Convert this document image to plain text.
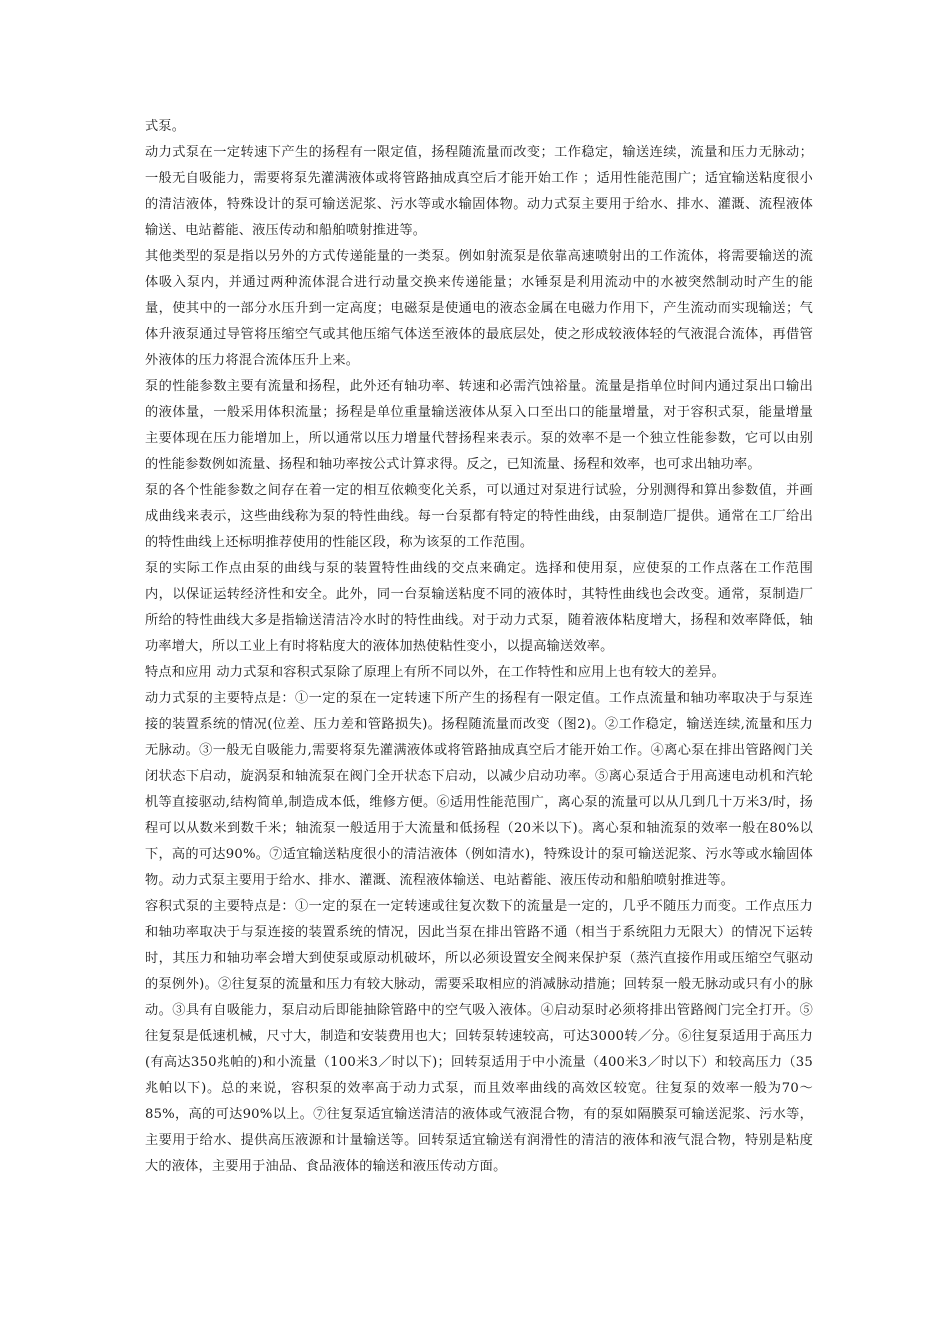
式泵。

动力式泵在一定转速下产生的扬程有一限定值，扬程随流量而改变；工作稳定，输送连续，流量和压力无脉动；一般无自吸能力，需要将泵先灌满液体或将管路抽成真空后才能开始工作 ；适用性能范围广；适宜输送粘度很小的清洁液体，特殊设计的泵可输送泥浆、污水等或水输固体物。动力式泵主要用于给水、排水、灌溉、流程液体输送、电站蓄能、液压传动和船舶喷射推进等。

其他类型的泵是指以另外的方式传递能量的一类泵。例如射流泵是依靠高速喷射出的工作流体，将需要输送的流体吸入泵内，并通过两种流体混合进行动量交换来传递能量；水锤泵是利用流动中的水被突然制动时产生的能量，使其中的一部分水压升到一定高度；电磁泵是使通电的液态金属在电磁力作用下，产生流动而实现输送；气体升液泵通过导管将压缩空气或其他压缩气体送至液体的最底层处，使之形成较液体轻的气液混合流体，再借管外液体的压力将混合流体压升上来。

泵的性能参数主要有流量和扬程，此外还有轴功率、转速和必需汽蚀裕量。流量是指单位时间内通过泵出口输出的液体量，一般采用体积流量；扬程是单位重量输送液体从泵入口至出口的能量增量，对于容积式泵，能量增量主要体现在压力能增加上，所以通常以压力增量代替扬程来表示。泵的效率不是一个独立性能参数，它可以由别的性能参数例如流量、扬程和轴功率按公式计算求得。反之，已知流量、扬程和效率，也可求出轴功率。

泵的各个性能参数之间存在着一定的相互依赖变化关系，可以通过对泵进行试验，分别测得和算出参数值，并画成曲线来表示，这些曲线称为泵的特性曲线。每一台泵都有特定的特性曲线，由泵制造厂提供。通常在工厂给出的特性曲线上还标明推荐使用的性能区段，称为该泵的工作范围。

泵的实际工作点由泵的曲线与泵的装置特性曲线的交点来确定。选择和使用泵，应使泵的工作点落在工作范围内，以保证运转经济性和安全。此外，同一台泵输送粘度不同的液体时，其特性曲线也会改变。通常，泵制造厂所给的特性曲线大多是指输送清洁冷水时的特性曲线。对于动力式泵，随着液体粘度增大，扬程和效率降低，轴功率增大，所以工业上有时将粘度大的液体加热使粘性变小，以提高输送效率。

特点和应用 动力式泵和容积式泵除了原理上有所不同以外，在工作特性和应用上也有较大的差异。

动力式泵的主要特点是：①一定的泵在一定转速下所产生的扬程有一限定值。工作点流量和轴功率取决于与泵连接的装置系统的情况(位差、压力差和管路损失)。扬程随流量而改变（图2)。②工作稳定，输送连续,流量和压力无脉动。③一般无自吸能力,需要将泵先灌满液体或将管路抽成真空后才能开始工作。④离心泵在排出管路阀门关闭状态下启动，旋涡泵和轴流泵在阀门全开状态下启动，以减少启动功率。⑤离心泵适合于用高速电动机和汽轮机等直接驱动,结构简单,制造成本低，维修方便。⑥适用性能范围广，离心泵的流量可以从几到几十万米3/时，扬程可以从数米到数千米；轴流泵一般适用于大流量和低扬程（20米以下)。离心泵和轴流泵的效率一般在80%以下，高的可达90%。⑦适宜输送粘度很小的清洁液体（例如清水)，特殊设计的泵可输送泥浆、污水等或水输固体物。动力式泵主要用于给水、排水、灌溉、流程液体输送、电站蓄能、液压传动和船舶喷射推进等。

容积式泵的主要特点是：①一定的泵在一定转速或往复次数下的流量是一定的，几乎不随压力而变。工作点压力和轴功率取决于与泵连接的装置系统的情况，因此当泵在排出管路不通（相当于系统阻力无限大）的情况下运转时，其压力和轴功率会增大到使泵或原动机破坏，所以必须设置安全阀来保护泵（蒸汽直接作用或压缩空气驱动的泵例外)。②往复泵的流量和压力有较大脉动，需要采取相应的消减脉动措施；回转泵一般无脉动或只有小的脉动。③具有自吸能力，泵启动后即能抽除管路中的空气吸入液体。④启动泵时必须将排出管路阀门完全打开。⑤往复泵是低速机械，尺寸大，制造和安装费用也大；回转泵转速较高，可达3000转／分。⑥往复泵适用于高压力(有高达350兆帕的)和小流量（100米3／时以下)；回转泵适用于中小流量（400米3／时以下）和较高压力（35兆帕以下)。总的来说，容积泵的效率高于动力式泵，而且效率曲线的高效区较宽。往复泵的效率一般为70～85%，高的可达90%以上。⑦往复泵适宜输送清洁的液体或气液混合物，有的泵如隔膜泵可输送泥浆、污水等，主要用于给水、提供高压液源和计量输送等。回转泵适宜输送有润滑性的清洁的液体和液气混合物，特别是粘度大的液体，主要用于油品、食品液体的输送和液压传动方面。
